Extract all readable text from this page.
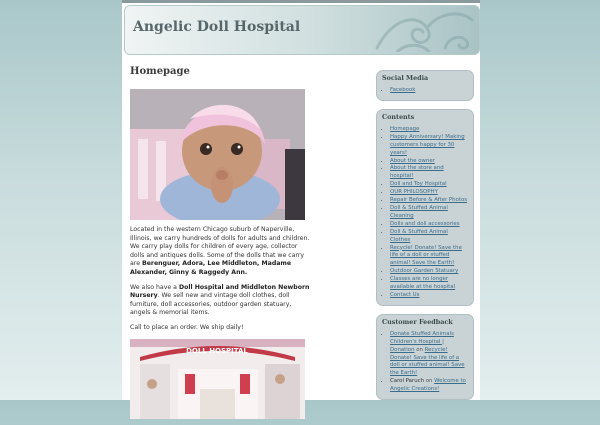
Angelic Doll Hospital
Homepage

Located in the western Chicago suburb of Naperville, Illinois, we carry hundreds of dolls for adults and children. We carry play dolls for children of every age, collector dolls and antiques dolls. Some of the dolls that we carry are Berenguer, Adora, Lee Middleton, Madame Alexander, Ginny & Raggedy Ann.

We also have a Doll Hospital and Middleton Newborn Nursery. We sell new and vintage doll clothes, doll furniture, doll accessories, outdoor garden statuary, angels & memorial items.

Call to place an order. We ship daily!

DOLL HOSPITAL
Social Media
• Facebook
Contents
• Homepage
• Happy Anniversary! Making customers happy for 30 years!
• About the owner
• About the store and hospital!
• Doll and Toy Hospital
• OUR PHILOSOPHY
• Repair Before & After Photos
• Doll & Stuffed Animal Cleaning
• Dolls and doll accessories
• Doll & Stuffed Animal Clothes
• Recycle! Donate! Save the life of a doll or stuffed animal! Save the Earth!
• Outdoor Garden Statuary
• Classes are no longer available at the hospital
• Contact Us
Customer Feedback
• Donate Stuffed Animals Children's Hospital | Donation on Recycle! Donate! Save the life of a doll or stuffed animal! Save the Earth!
• Carol Paruch on Welcome to Angelic Creations!
